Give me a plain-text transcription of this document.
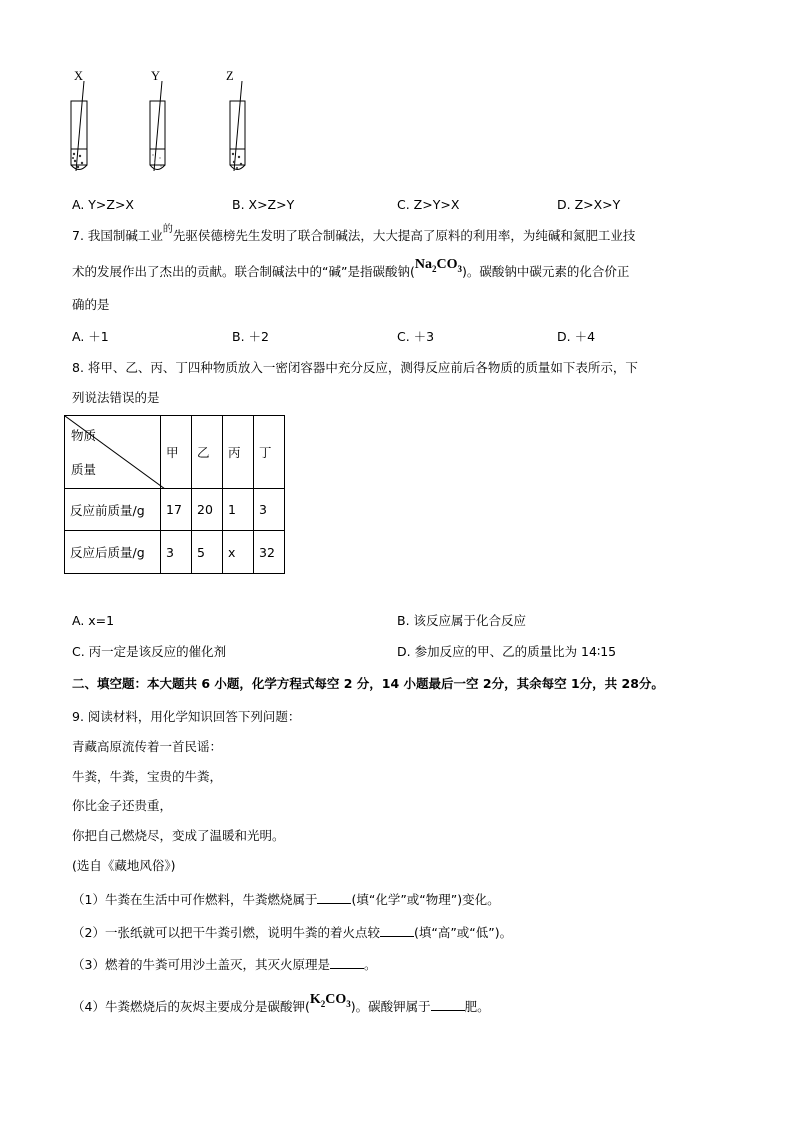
X	Y	Z
A. Y>Z>X	B. X>Z>Y	C. Z>Y>X	D. Z>X>Y
7. 我国制碱工业$^的$先驱侯德榜先生发明了联合制碱法，大大提高了原料的利用率，为纯碱和氮肥工业技
术的发展作出了杰出的贡献。联合制碱法中的“碱”是指碳酸钠$(Na_2CO_3)$。碳酸钠中碳元素的化合价正
确的是
A. ＋1	B. ＋2	C. ＋3	D. ＋4
8. 将甲、乙、丙、丁四种物质放入一密闭容器中充分反应，测得反应前后各物质的质量如下表所示，下
列说法错误的是
物质
质量	甲	乙	丙	丁
反应前质量/g	17	20	1	3
反应后质量/g	3	5	x	32
A. x=1	B. 该反应属于化合反应
C. 丙一定是该反应的催化剂	D. 参加反应的甲、乙的质量比为 14∶15
二、填空题：本大题共 6 小题，化学方程式每空 2 分，14 小题最后一空 2分，其余每空 1分，共 28分。
9. 阅读材料，用化学知识回答下列问题：
青藏高原流传着一首民谣：
牛粪，牛粪，宝贵的牛粪，
你比金子还贵重，
你把自己燃烧尽，变成了温暖和光明。
(选自《藏地风俗》)
（1）牛粪在生活中可作燃料，牛粪燃烧属于	(填“化学”或“物理”)变化。
（2）一张纸就可以把干牛粪引燃，说明牛粪的着火点较	(填“高”或“低”)。
（3）燃着的牛粪可用沙土盖灭，其灭火原理是	。
（4）牛粪燃烧后的灰烬主要成分是碳酸钾$(K_2CO_3)$。碳酸钾属于	肥。
